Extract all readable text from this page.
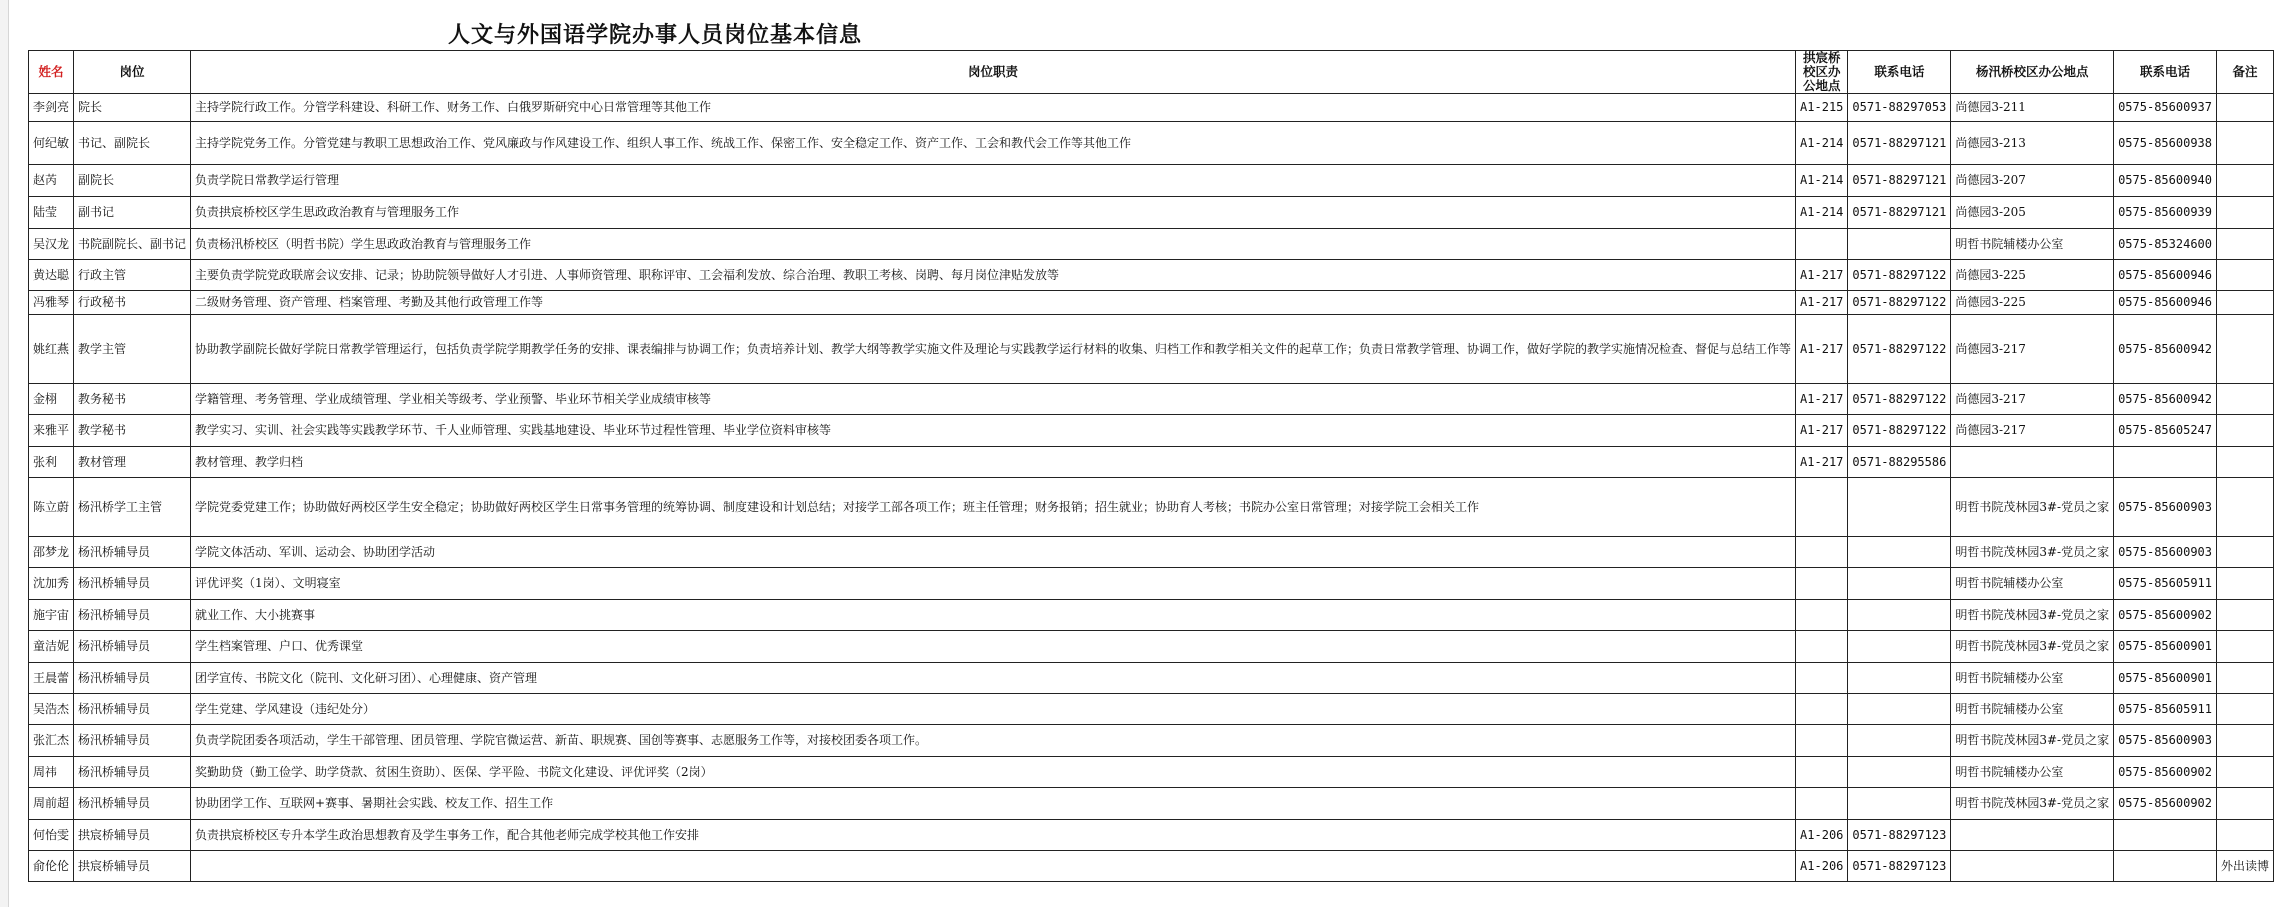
人文与外国语学院办事人员岗位基本信息
姓名	岗位	岗位职责	拱宸桥校区办公地点	联系电话	杨汛桥校区办公地点	联系电话	备注
李剑亮	院长	主持学院行政工作。分管学科建设、科研工作、财务工作、白俄罗斯研究中心日常管理等其他工作	A1-215	0571-88297053	尚德园3-211	0575-85600937	
何纪敏	书记、副院长	主持学院党务工作。分管党建与教职工思想政治工作、党风廉政与作风建设工作、组织人事工作、统战工作、保密工作、安全稳定工作、资产工作、工会和教代会工作等其他工作	A1-214	0571-88297121	尚德园3-213	0575-85600938	
赵芮	副院长	负责学院日常教学运行管理	A1-214	0571-88297121	尚德园3-207	0575-85600940	
陆莹	副书记	负责拱宸桥校区学生思政政治教育与管理服务工作	A1-214	0571-88297121	尚德园3-205	0575-85600939	
吴汉龙	书院副院长、副书记	负责杨汛桥校区（明哲书院）学生思政政治教育与管理服务工作			明哲书院辅楼办公室	0575-85324600	
黄达聪	行政主管	主要负责学院党政联席会议安排、记录；协助院领导做好人才引进、人事师资管理、职称评审、工会福利发放、综合治理、教职工考核、岗聘、每月岗位津贴发放等	A1-217	0571-88297122	尚德园3-225	0575-85600946	
冯雅琴	行政秘书	二级财务管理、资产管理、档案管理、考勤及其他行政管理工作等	A1-217	0571-88297122	尚德园3-225	0575-85600946	
姚红燕	教学主管	协助教学副院长做好学院日常教学管理运行，包括负责学院学期教学任务的安排、课表编排与协调工作；负责培养计划、教学大纲等教学实施文件及理论与实践教学运行材料的收集、归档工作和教学相关文件的起草工作；负责日常教学管理、协调工作，做好学院的教学实施情况检查、督促与总结工作等	A1-217	0571-88297122	尚德园3-217	0575-85600942	
金栩	教务秘书	学籍管理、考务管理、学业成绩管理、学业相关等级考、学业预警、毕业环节相关学业成绩审核等	A1-217	0571-88297122	尚德园3-217	0575-85600942	
来雅平	教学秘书	教学实习、实训、社会实践等实践教学环节、千人业师管理、实践基地建设、毕业环节过程性管理、毕业学位资料审核等	A1-217	0571-88297122	尚德园3-217	0575-85605247	
张利	教材管理	教材管理、教学归档	A1-217	0571-88295586			
陈立蔚	杨汛桥学工主管	学院党委党建工作；协助做好两校区学生安全稳定；协助做好两校区学生日常事务管理的统筹协调、制度建设和计划总结；对接学工部各项工作；班主任管理；财务报销；招生就业；协助育人考核；书院办公室日常管理；对接学院工会相关工作			明哲书院茂林园3#-党员之家	0575-85600903	
邵梦龙	杨汛桥辅导员	学院文体活动、军训、运动会、协助团学活动			明哲书院茂林园3#-党员之家	0575-85600903	
沈加秀	杨汛桥辅导员	评优评奖（1岗）、文明寝室			明哲书院辅楼办公室	0575-85605911	
施宇宙	杨汛桥辅导员	就业工作、大小挑赛事			明哲书院茂林园3#-党员之家	0575-85600902	
童洁妮	杨汛桥辅导员	学生档案管理、户口、优秀课堂			明哲书院茂林园3#-党员之家	0575-85600901	
王晨蕾	杨汛桥辅导员	团学宣传、书院文化（院刊、文化研习团）、心理健康、资产管理			明哲书院辅楼办公室	0575-85600901	
吴浩杰	杨汛桥辅导员	学生党建、学风建设（违纪处分）			明哲书院辅楼办公室	0575-85605911	
张汇杰	杨汛桥辅导员	负责学院团委各项活动，学生干部管理、团员管理、学院官微运营、新苗、职规赛、国创等赛事、志愿服务工作等，对接校团委各项工作。			明哲书院茂林园3#-党员之家	0575-85600903	
周祎	杨汛桥辅导员	奖勤助贷（勤工俭学、助学贷款、贫困生资助）、医保、学平险、书院文化建设、评优评奖（2岗）			明哲书院辅楼办公室	0575-85600902	
周前超	杨汛桥辅导员	协助团学工作、互联网+赛事、暑期社会实践、校友工作、招生工作			明哲书院茂林园3#-党员之家	0575-85600902	
何怡雯	拱宸桥辅导员	负责拱宸桥校区专升本学生政治思想教育及学生事务工作，配合其他老师完成学校其他工作安排	A1-206	0571-88297123			
俞伦伦	拱宸桥辅导员		A1-206	0571-88297123			外出读博
